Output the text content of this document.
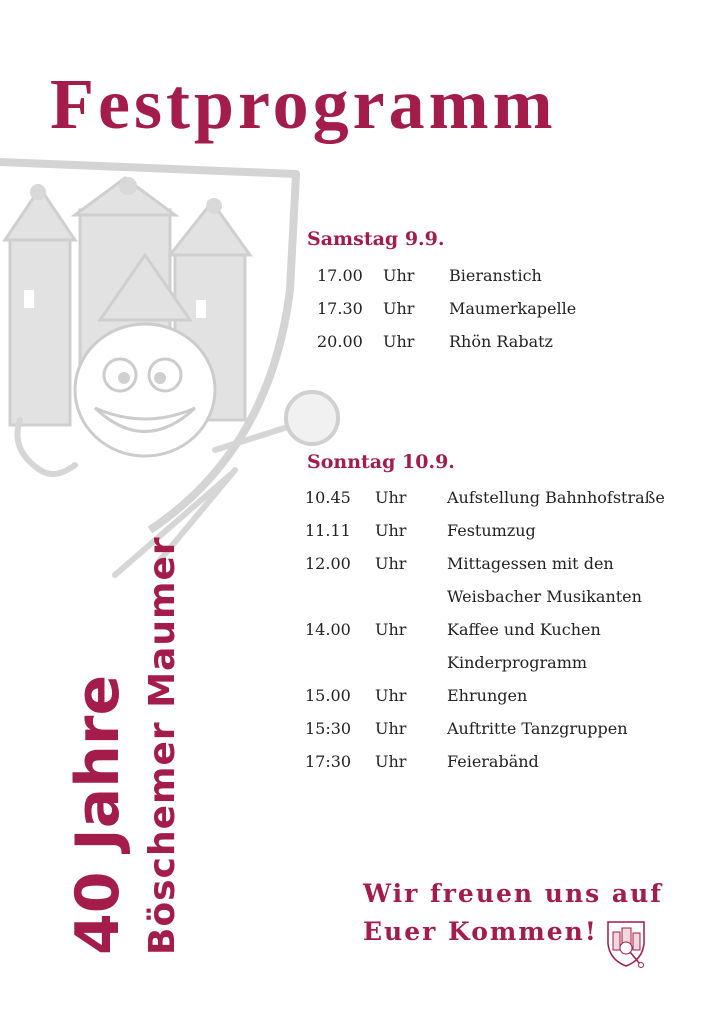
Festprogramm
Samstag 9.9.
17.00 Uhr Bieranstich
17.30 Uhr Maumerkapelle
20.00 Uhr Rhön Rabatz
Sonntag 10.9.
10.45 Uhr	Aufstellung Bahnhofstraße
11.11 Uhr	Festumzug
12.00 Uhr	Mittagessen mit den
Weisbacher Musikanten
14.00 Uhr	Kaffee und Kuchen
Kinderprogramm
15.00 Uhr	Ehrungen
15:30 Uhr	Auftritte Tanzgruppen
17:30 Uhr	Feierabänd
40 Jahre Böschemer Maumer	Wir freuen uns auf
Euer Kommen!
